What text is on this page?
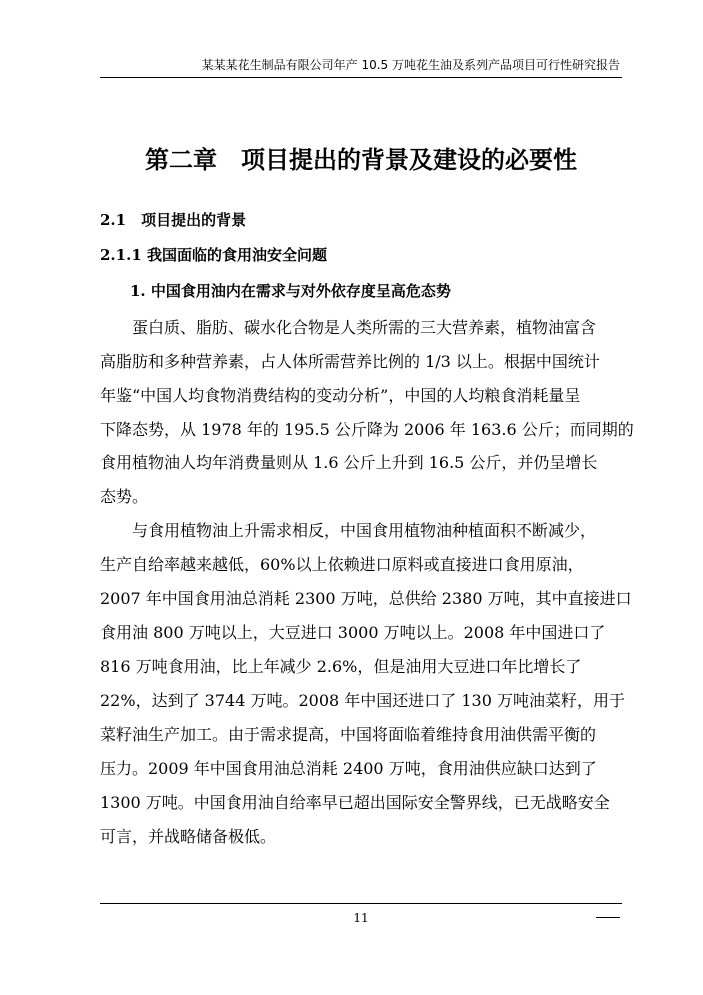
某某某花生制品有限公司年产 10.5 万吨花生油及系列产品项目可行性研究报告
第二章　项目提出的背景及建设的必要性
2.1　项目提出的背景
2.1.1 我国面临的食用油安全问题
1. 中国食用油内在需求与对外依存度呈高危态势
　　蛋白质、脂肪、碳水化合物是人类所需的三大营养素，植物油富含
高脂肪和多种营养素，占人体所需营养比例的 1/3 以上。根据中国统计
年鉴“中国人均食物消费结构的变动分析”，中国的人均粮食消耗量呈
下降态势，从 1978 年的 195.5 公斤降为 2006 年 163.6 公斤；而同期的
食用植物油人均年消费量则从 1.6 公斤上升到 16.5 公斤，并仍呈增长
态势。
　　与食用植物油上升需求相反，中国食用植物油种植面积不断减少，
生产自给率越来越低，60%以上依赖进口原料或直接进口食用原油，
2007 年中国食用油总消耗 2300 万吨，总供给 2380 万吨，其中直接进口
食用油 800 万吨以上，大豆进口 3000 万吨以上。2008 年中国进口了
816 万吨食用油，比上年减少 2.6%，但是油用大豆进口年比增长了
22%，达到了 3744 万吨。2008 年中国还进口了 130 万吨油菜籽，用于
菜籽油生产加工。由于需求提高，中国将面临着维持食用油供需平衡的
压力。2009 年中国食用油总消耗 2400 万吨，食用油供应缺口达到了
1300 万吨。中国食用油自给率早已超出国际安全警界线，已无战略安全
可言，并战略储备极低。
11
